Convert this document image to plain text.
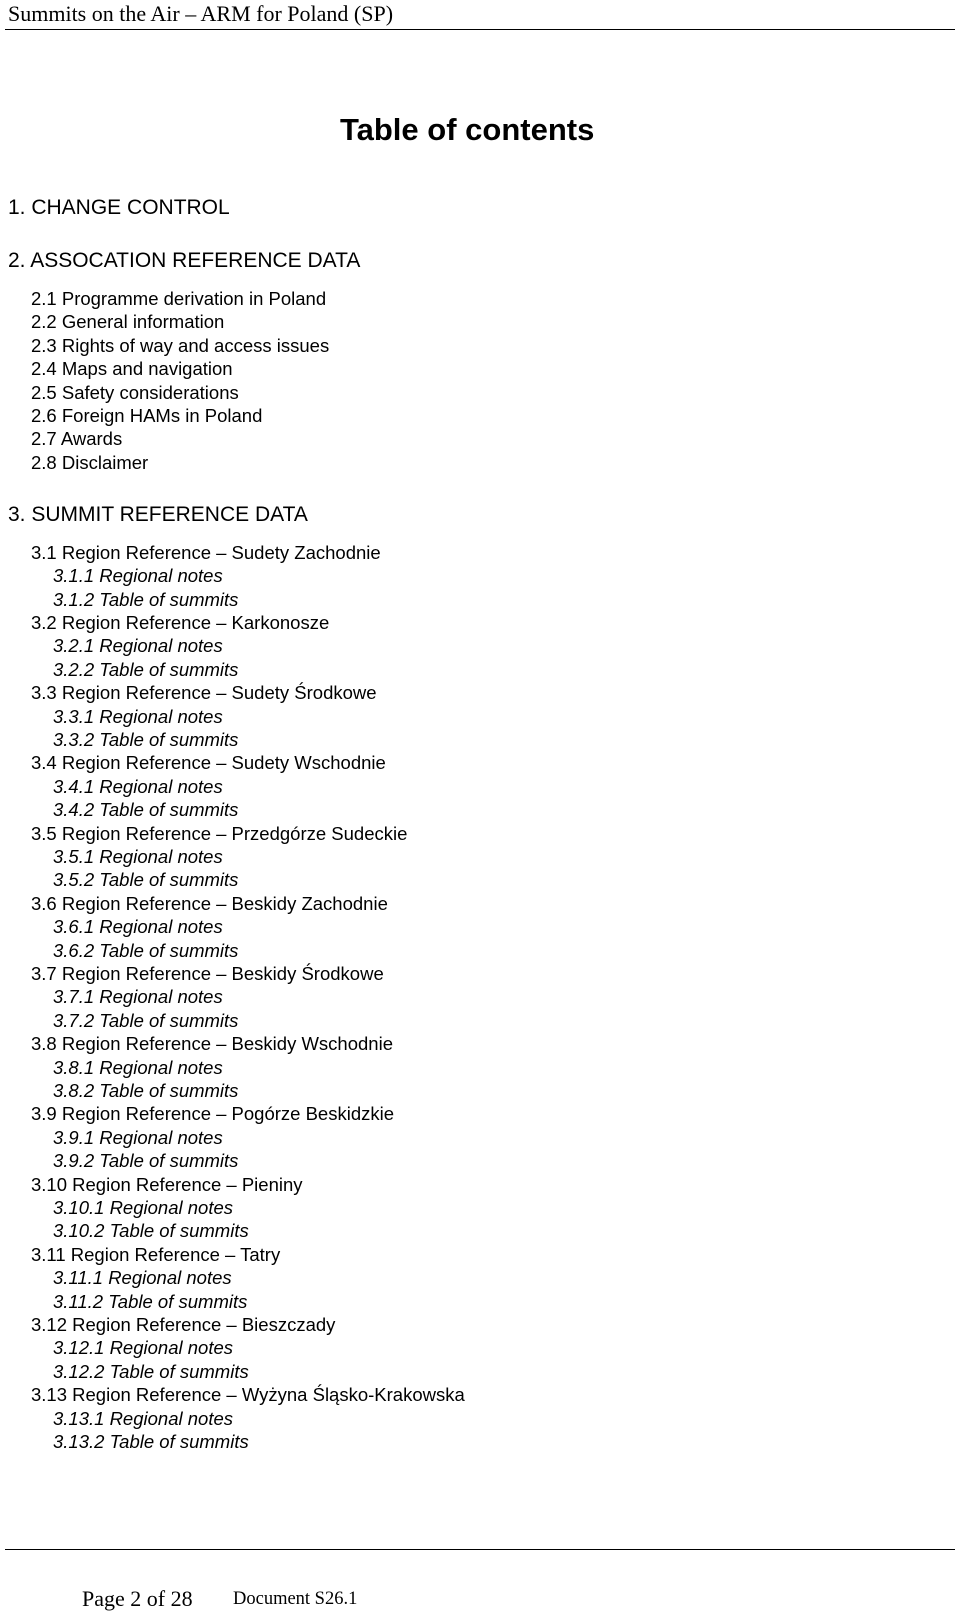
Summits on the Air – ARM for Poland (SP)
Table of contents
1. CHANGE CONTROL
2. ASSOCATION REFERENCE DATA
2.1 Programme derivation in Poland
2.2 General information
2.3 Rights of way and access issues
2.4 Maps and navigation
2.5 Safety considerations
2.6 Foreign HAMs in Poland
2.7 Awards
2.8 Disclaimer
3. SUMMIT REFERENCE DATA
3.1 Region Reference – Sudety Zachodnie
3.1.1 Regional notes
3.1.2 Table of summits
3.2 Region Reference – Karkonosze
3.2.1 Regional notes
3.2.2 Table of summits
3.3 Region Reference – Sudety Środkowe
3.3.1 Regional notes
3.3.2 Table of summits
3.4 Region Reference – Sudety Wschodnie
3.4.1 Regional notes
3.4.2 Table of summits
3.5 Region Reference – Przedgórze Sudeckie
3.5.1 Regional notes
3.5.2 Table of summits
3.6 Region Reference – Beskidy Zachodnie
3.6.1 Regional notes
3.6.2 Table of summits
3.7 Region Reference – Beskidy Środkowe
3.7.1 Regional notes
3.7.2 Table of summits
3.8 Region Reference – Beskidy Wschodnie
3.8.1 Regional notes
3.8.2 Table of summits
3.9 Region Reference – Pogórze Beskidzkie
3.9.1 Regional notes
3.9.2 Table of summits
3.10 Region Reference – Pieniny
3.10.1 Regional notes
3.10.2 Table of summits
3.11 Region Reference – Tatry
3.11.1 Regional notes
3.11.2 Table of summits
3.12 Region Reference – Bieszczady
3.12.1 Regional notes
3.12.2 Table of summits
3.13 Region Reference – Wyżyna Śląsko-Krakowska
3.13.1 Regional notes
3.13.2 Table of summits
Page 2 of 28 Document S26.1
